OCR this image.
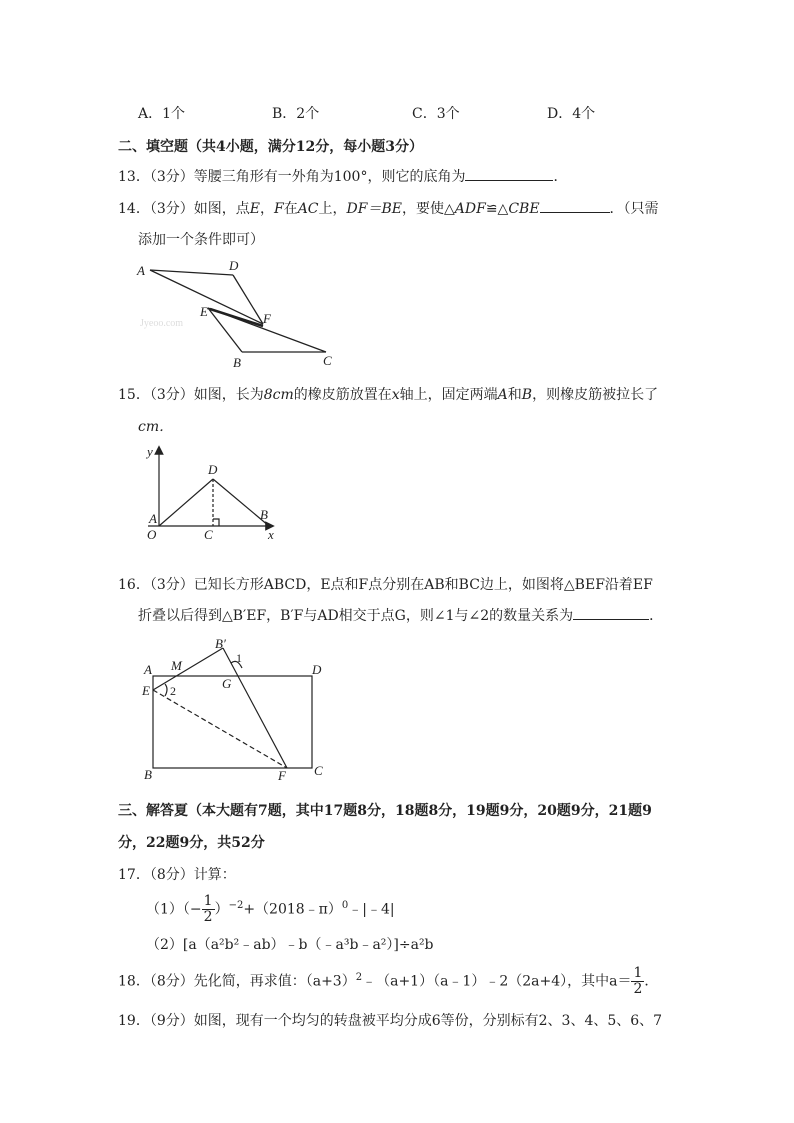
A．1个	B．2个	C．3个	D．4个
二、填空题（共4小题，满分12分，每小题3分）
13．（3分）等腰三角形有一外角为100°，则它的底角为	．
14．（3分）如图，点E，F在AC上，DF＝BE，要使△ADF≌△CBE	．（只需
添加一个条件即可）
A	D
E	F
B	C
Jyeoo.com
15．（3分）如图，长为8cm的橡皮筋放置在x轴上，固定两端A和B，则橡皮筋被拉长了
cm．
y
D
A	B
O	C	x
16．（3分）已知长方形ABCD，E点和F点分别在AB和BC边上，如图将△BEF沿着EF
折叠以后得到△B′EF，B′F与AD相交于点G，则∠1与∠2的数量关系为	．
B′
1
A M	D
E 2	G
B	F C
三、解答夏（本大题有7题，其中17题8分，18题8分，19题9分，20题9分，21题9
分，22题9分，共52分
17．（8分）计算：
$(1)(- \frac{1}{2}$ ）$^{-2}+(2018﹣\pi)^0﹣|﹣4|$
（2）[a（a²b²﹣ab）﹣b（﹣a³b﹣a²）]÷a²b
18．（8分）先化简，再求值：$(a+3)^2﹣(a+1)(a﹣1)﹣2(2a+4)$，其中$a= \frac{1}{2}$ ．
19．（9分）如图，现有一个均匀的转盘被平均分成6等份，分别标有2、3、4、5、6、7
